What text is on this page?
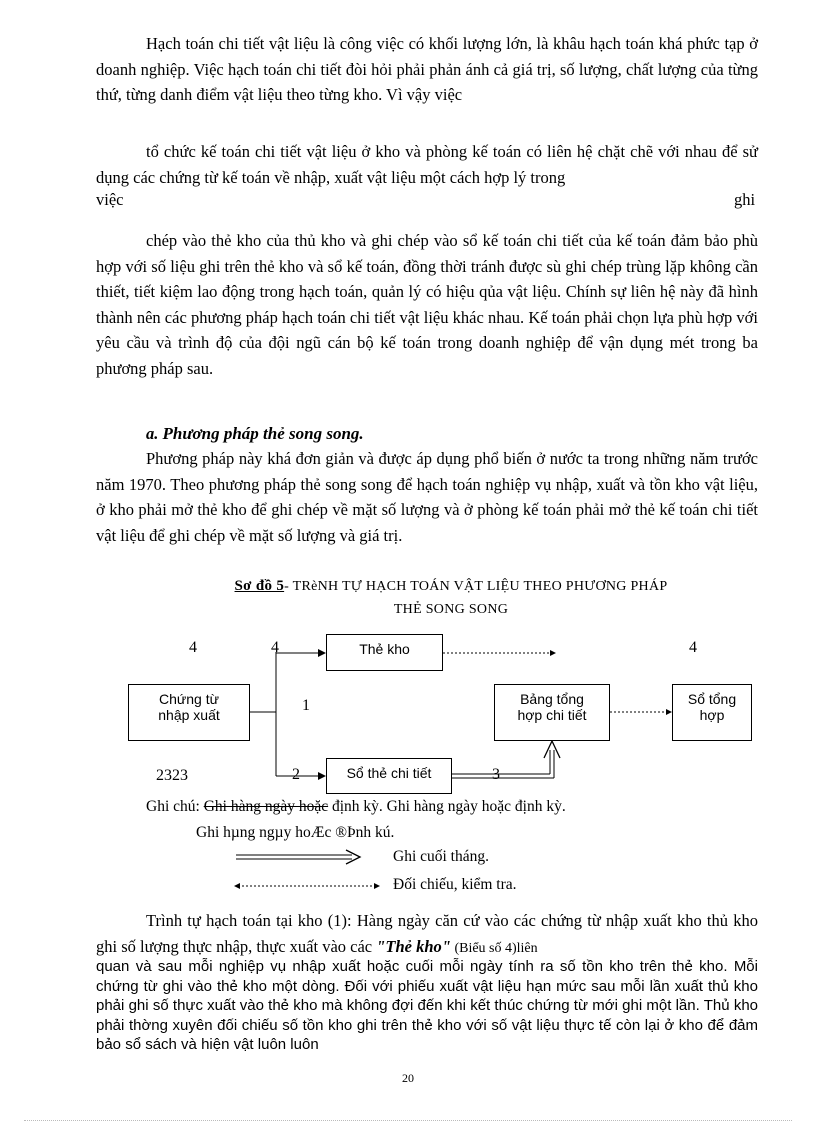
Hạch toán chi tiết vật liệu là công việc có khối lượng lớn, là khâu hạch toán khá phức tạp ở doanh nghiệp. Việc hạch toán chi tiết đòi hỏi phải phản ánh cả giá trị, số lượng, chất lượng của từng thứ, từng danh điểm vật liệu theo từng kho. Vì vậy việc

tổ chức kế toán chi tiết vật liệu ở kho và phòng kế toán có liên hệ chặt chẽ với nhau để sử dụng các chứng từ kế toán về nhập, xuất vật liệu một cách hợp lý trong

việc	ghi

chép vào thẻ kho của thủ kho và ghi chép vào sổ kế toán chi tiết của kế toán đảm bảo phù hợp với số liệu ghi trên thẻ kho và sổ kế toán, đồng thời tránh được sù ghi chép trùng lặp không cần thiết, tiết kiệm lao động trong hạch toán, quản lý có hiệu qủa vật liệu. Chính sự liên hệ này đã hình thành nên các phương pháp hạch toán chi tiết vật liệu khác nhau. Kế toán phải chọn lựa phù hợp với yêu cầu và trình độ của đội ngũ cán bộ kế toán trong doanh nghiệp để vận dụng mét trong ba phương pháp sau.

a. Phương pháp thẻ song song.

Phương pháp này khá đơn giản và được áp dụng phổ biến ở nước ta trong những năm trước năm 1970. Theo phương pháp thẻ song song để hạch toán nghiệp vụ nhập, xuất và tồn kho vật liệu, ở kho phải mở thẻ kho để ghi chép về mặt số lượng và ở phòng kế toán phải mở thẻ kế toán chi tiết vật liệu để ghi chép về mặt số lượng và giá trị.

Sơ đồ 5- TRèNH TỰ HẠCH TOÁN VẬT LIỆU THEO PHƯƠNG PHÁP
THẺ SONG SONG
Thẻ kho
Chứng từ
nhập xuất
Bảng tổng
hợp chi tiết
Sổ tổng
hợp
Sổ thẻ chi tiết
4	4	4
1
2	3
2323
Ghi chú: Ghi hàng ngày hoặc định kỳ. Ghi hàng ngày hoặc định kỳ.
Ghi hµng ngµy hoÆc ®Þnh kú.
Ghi cuối tháng.
Đối chiếu, kiểm tra.

Trình tự hạch toán tại kho (1): Hàng ngày căn cứ vào các chứng từ nhập xuất kho thủ kho ghi số lượng thực nhập, thực xuất vào các "Thẻ kho" (Biểu số 4)liên

quan và sau mỗi nghiệp vụ nhập xuất hoặc cuối mỗi ngày tính ra số tồn kho trên thẻ kho. Mỗi chứng từ ghi vào thẻ kho một dòng. Đối với phiếu xuất vật liệu hạn mức sau mỗi lần xuất thủ kho phải ghi số thực xuất vào thẻ kho mà không đợi đến khi kết thúc chứng từ mới ghi một lần. Thủ kho phải thờng xuyên đối chiếu số tồn kho ghi trên thẻ kho với số vật liệu thực tế còn lại ở kho để đảm bảo sổ sách và hiện vật luôn luôn

20
